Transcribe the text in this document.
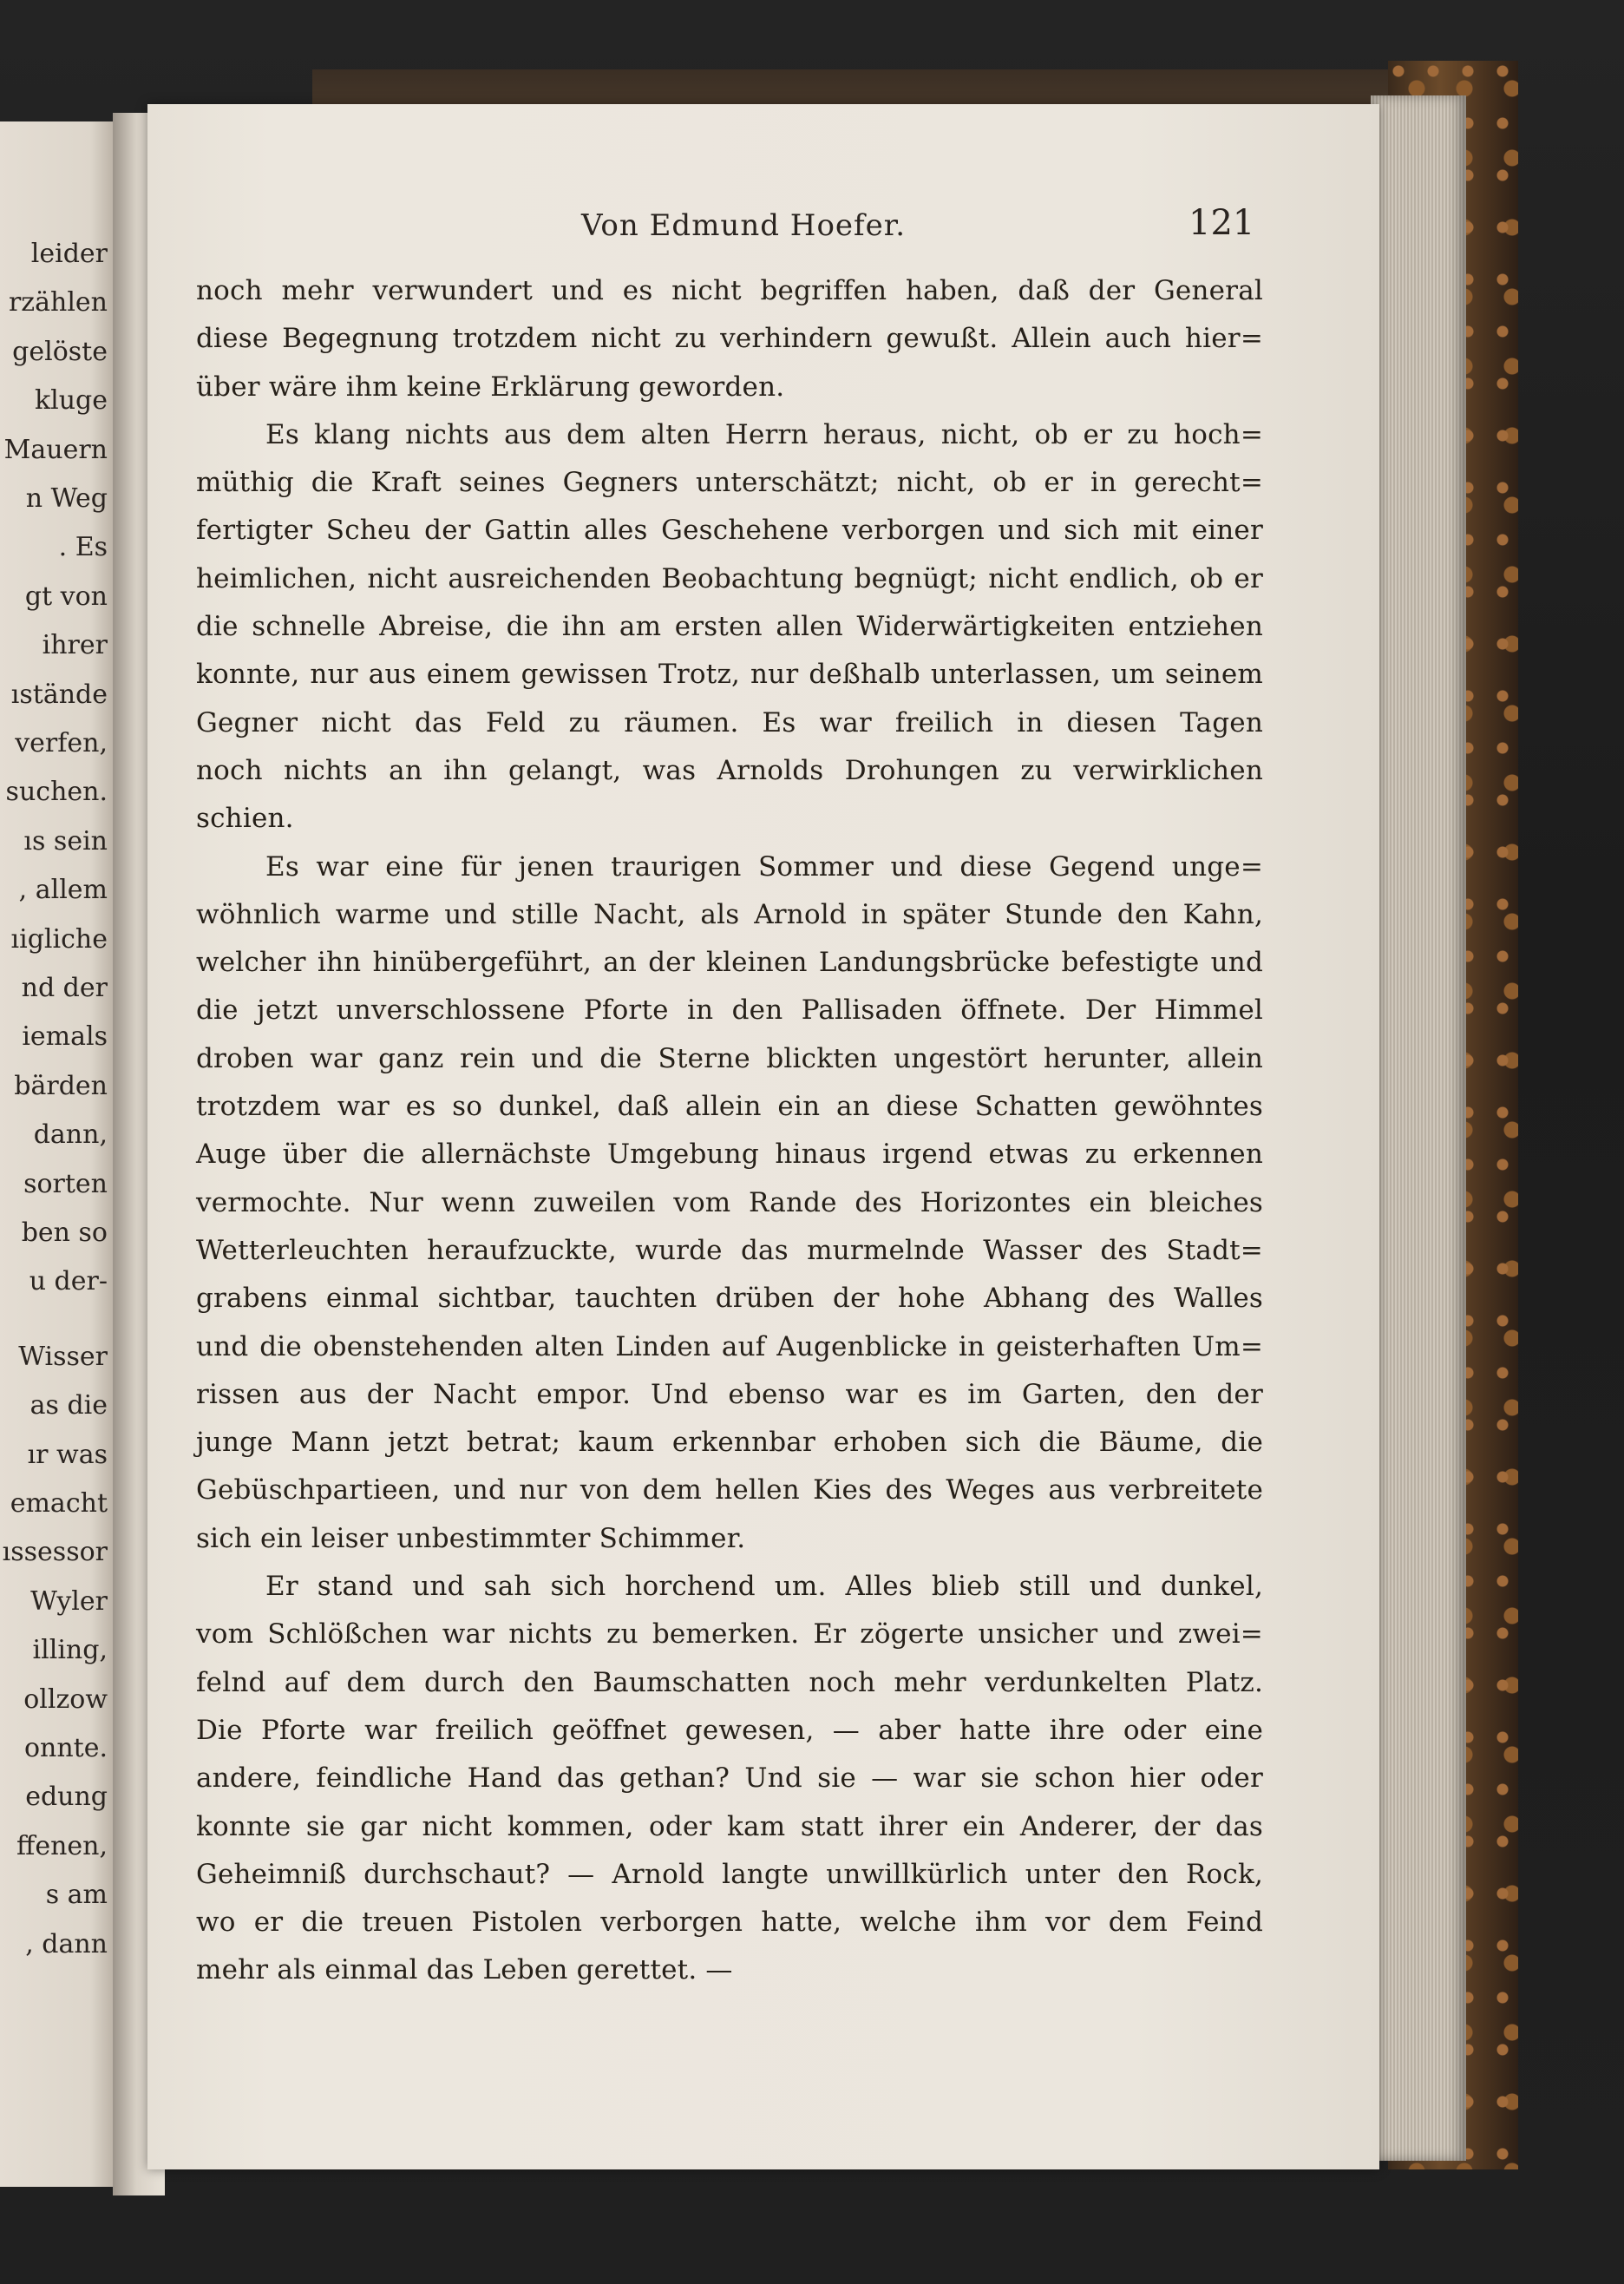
leider
rzählen
gelöste
kluge
Mauern
n Weg
. Es
gt von
ihrer
ıstände
verfen,
suchen.
ıs sein
, allem
ıigliche
nd der
iemals
bärden
dann,
sorten
ben so
u der-
Wisser
as die
ır was
emacht
ıssessor
Wyler
illing,
ollzow
onnte.
edung
ffenen,
s am
, dann
Von Edmund Hoefer.	121
noch mehr verwundert und es nicht begriffen haben, daß der General
diese Begegnung trotzdem nicht zu verhindern gewußt. Allein auch hier=
über wäre ihm keine Erklärung geworden.
Es klang nichts aus dem alten Herrn heraus, nicht, ob er zu hoch=
müthig die Kraft seines Gegners unterschätzt; nicht, ob er in gerecht=
fertigter Scheu der Gattin alles Geschehene verborgen und sich mit einer
heimlichen, nicht ausreichenden Beobachtung begnügt; nicht endlich, ob er
die schnelle Abreise, die ihn am ersten allen Widerwärtigkeiten entziehen
konnte, nur aus einem gewissen Trotz, nur deßhalb unterlassen, um seinem
Gegner nicht das Feld zu räumen. Es war freilich in diesen Tagen
noch nichts an ihn gelangt, was Arnolds Drohungen zu verwirklichen
schien.
Es war eine für jenen traurigen Sommer und diese Gegend unge=
wöhnlich warme und stille Nacht, als Arnold in später Stunde den Kahn,
welcher ihn hinübergeführt, an der kleinen Landungsbrücke befestigte und
die jetzt unverschlossene Pforte in den Pallisaden öffnete. Der Himmel
droben war ganz rein und die Sterne blickten ungestört herunter, allein
trotzdem war es so dunkel, daß allein ein an diese Schatten gewöhntes
Auge über die allernächste Umgebung hinaus irgend etwas zu erkennen
vermochte. Nur wenn zuweilen vom Rande des Horizontes ein bleiches
Wetterleuchten heraufzuckte, wurde das murmelnde Wasser des Stadt=
grabens einmal sichtbar, tauchten drüben der hohe Abhang des Walles
und die obenstehenden alten Linden auf Augenblicke in geisterhaften Um=
rissen aus der Nacht empor. Und ebenso war es im Garten, den der
junge Mann jetzt betrat; kaum erkennbar erhoben sich die Bäume, die
Gebüschpartieen, und nur von dem hellen Kies des Weges aus verbreitete
sich ein leiser unbestimmter Schimmer.
Er stand und sah sich horchend um. Alles blieb still und dunkel,
vom Schlößchen war nichts zu bemerken. Er zögerte unsicher und zwei=
felnd auf dem durch den Baumschatten noch mehr verdunkelten Platz.
Die Pforte war freilich geöffnet gewesen, — aber hatte ihre oder eine
andere, feindliche Hand das gethan? Und sie — war sie schon hier oder
konnte sie gar nicht kommen, oder kam statt ihrer ein Anderer, der das
Geheimniß durchschaut? — Arnold langte unwillkürlich unter den Rock,
wo er die treuen Pistolen verborgen hatte, welche ihm vor dem Feind
mehr als einmal das Leben gerettet. —
